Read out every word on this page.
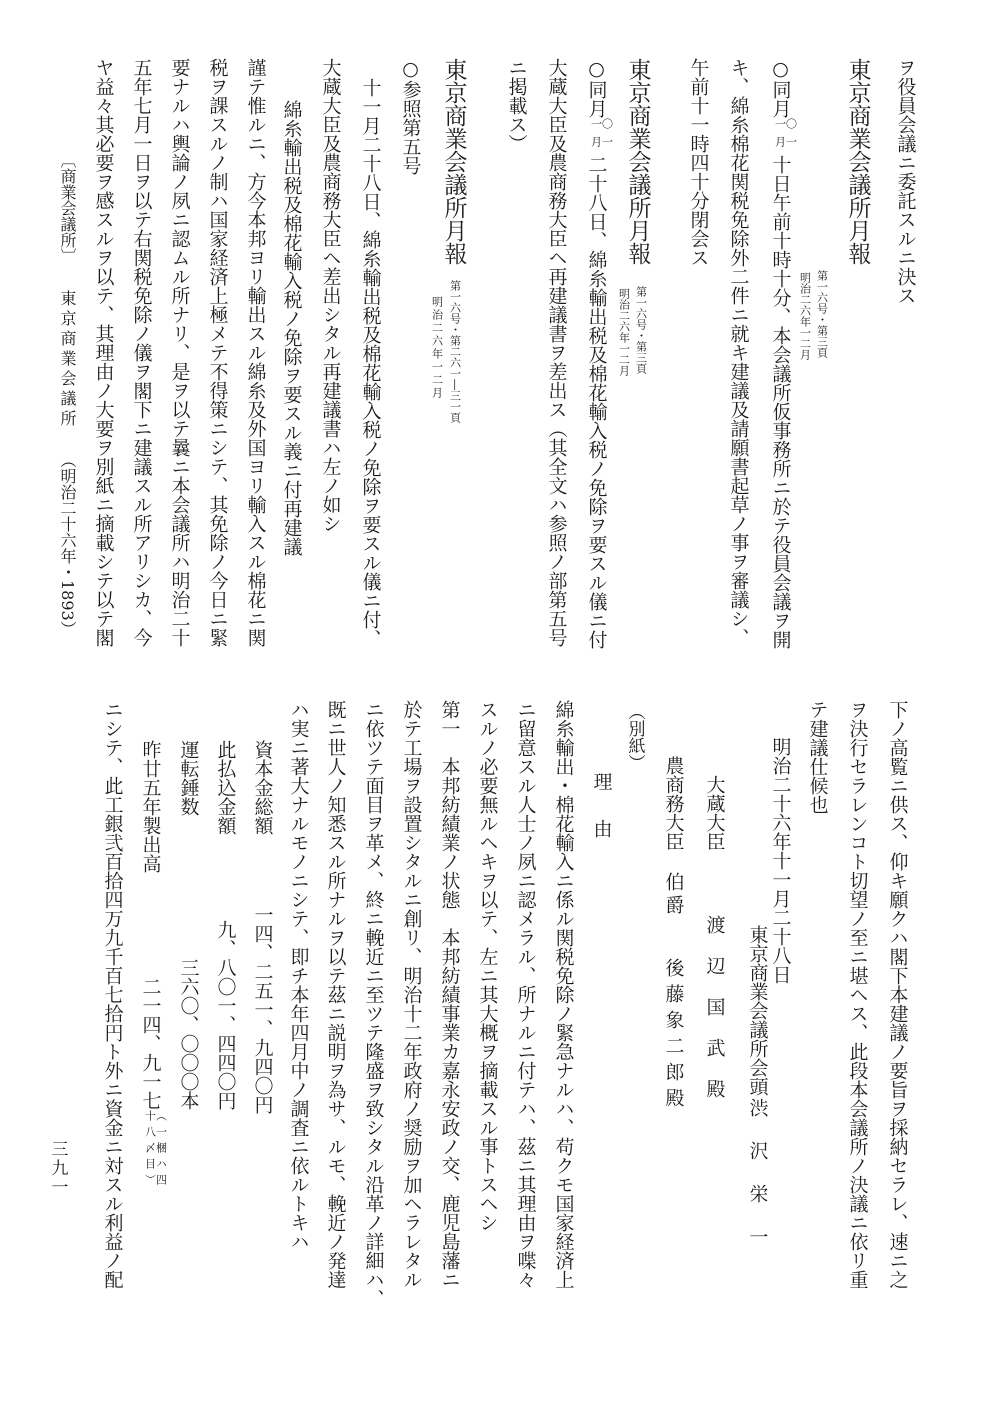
ヲ役員会議ニ委託スルニ決ス
東京商業会議所月報
第一六号・第三頁
明治二六年一二月
○同月〇一一月十日午前十時十分、本会議所仮事務所ニ於テ役員会議ヲ開
キ、綿糸棉花関税免除外二件ニ就キ建議及請願書起草ノ事ヲ審議シ、
午前十一時四十分閉会ス
東京商業会議所月報
第一六号・第三頁
明治二六年一二月
○同月〇一一月二十八日、綿糸輸出税及棉花輸入税ノ免除ヲ要スル儀ニ付
大蔵大臣及農商務大臣ヘ再建議書ヲ差出ス（其全文ハ参照ノ部第五号
ニ掲載ス）
東京商業会議所月報
第一六号・第二六一―三一頁
明治二六年一二月
○参照第五号
十一月二十八日、綿糸輸出税及棉花輸入税ノ免除ヲ要スル儀ニ付、
大蔵大臣及農商務大臣ヘ差出シタル再建議書ハ左ノ如シ
綿糸輸出税及棉花輸入税ノ免除ヲ要スル義ニ付再建議
謹テ惟ルニ、方今本邦ヨリ輸出スル綿糸及外国ヨリ輸入スル棉花ニ関
税ヲ課スルノ制ハ国家経済上極メテ不得策ニシテ、其免除ノ今日ニ緊
要ナルハ輿論ノ夙ニ認ムル所ナリ、是ヲ以テ曩ニ本会議所ハ明治二十
五年七月一日ヲ以テ右関税免除ノ儀ヲ閣下ニ建議スル所アリシカ、今
ヤ益々其必要ヲ感スルヲ以テ、其理由ノ大要ヲ別紙ニ摘載シテ以テ閣
〔商業会議所〕
東京商業会議所
（明治二十六年・1893）
三九一	下ノ高覧ニ供ス、仰キ願クハ閣下本建議ノ要旨ヲ採納セラレ、速ニ之
ヲ決行セラレンコト切望ノ至ニ堪ヘス、此段本会議所ノ決議ニ依リ重
テ建議仕候也
明治二十六年十一月二十八日
東京商業会議所会頭
渋沢栄一
大蔵大臣
渡辺国武殿
農商務大臣
伯爵
後藤象二郎殿
（別紙）
理由
綿糸輸出・棉花輸入ニ係ル関税免除ノ緊急ナルハ、苟クモ国家経済上
ニ留意スル人士ノ夙ニ認メラル、所ナルニ付テハ、茲ニ其理由ヲ喋々
スルノ必要無ルヘキヲ以テ、左ニ其大概ヲ摘載スル事トスヘシ
第一　本邦紡績業ノ状態　本邦紡績事業カ嘉永安政ノ交、鹿児島藩ニ
於テ工場ヲ設置シタルニ創リ、明治十二年政府ノ奨励ヲ加ヘラレタル
ニ依ツテ面目ヲ革メ、終ニ輓近ニ至ツテ隆盛ヲ致シタル沿革ノ詳細ハ、
既ニ世人ノ知悉スル所ナルヲ以テ茲ニ説明ヲ為サ、ルモ、輓近ノ発達
ハ実ニ著大ナルモノニシテ、即チ本年四月中ノ調査ニ依ルトキハ
資本金総額
一四、二五一、九四〇円
此払込金額
九、八〇一、四四〇円
運転錘数
三六〇、〇〇〇本
昨廿五年製出高
二一四、九一七（一梱ハ四十八〆目）
ニシテ、此工銀弐百拾四万九千百七拾円ト外ニ資金ニ対スル利益ノ配
